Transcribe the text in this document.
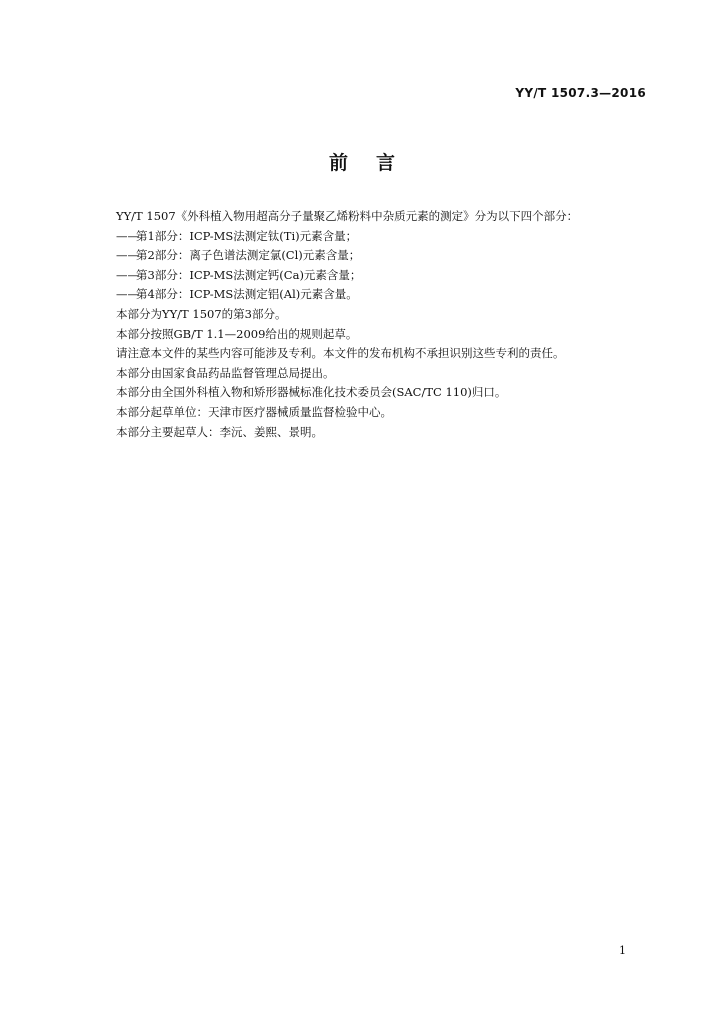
YY/T 1507.3—2016
前言
YY/T 1507《外科植入物用超高分子量聚乙烯粉料中杂质元素的测定》分为以下四个部分：
——第1部分：ICP-MS法测定钛(Ti)元素含量；
——第2部分：离子色谱法测定氯(Cl)元素含量；
——第3部分：ICP-MS法测定钙(Ca)元素含量；
——第4部分：ICP-MS法测定铝(Al)元素含量。
本部分为YY/T 1507的第3部分。
本部分按照GB/T 1.1—2009给出的规则起草。
请注意本文件的某些内容可能涉及专利。本文件的发布机构不承担识别这些专利的责任。
本部分由国家食品药品监督管理总局提出。
本部分由全国外科植入物和矫形器械标准化技术委员会(SAC/TC 110)归口。
本部分起草单位：天津市医疗器械质量监督检验中心。
本部分主要起草人：李沅、姜熙、景明。
1
